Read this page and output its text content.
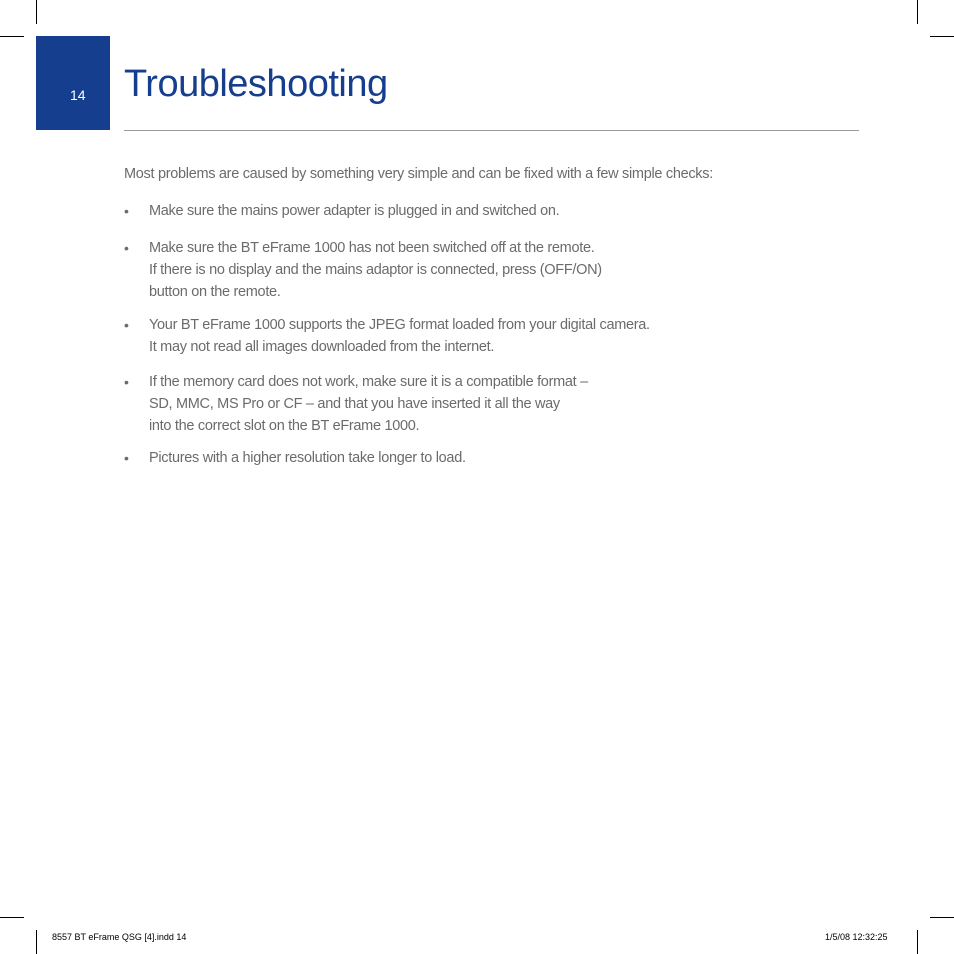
14 Troubleshooting

Most problems are caused by something very simple and can be fixed with a few simple checks:

• Make sure the mains power adapter is plugged in and switched on.
• Make sure the BT eFrame 1000 has not been switched off at the remote.
If there is no display and the mains adaptor is connected, press (OFF/ON)
button on the remote.
• Your BT eFrame 1000 supports the JPEG format loaded from your digital camera.
It may not read all images downloaded from the internet.
• If the memory card does not work, make sure it is a compatible format –
SD, MMC, MS Pro or CF – and that you have inserted it all the way
into the correct slot on the BT eFrame 1000.
• Pictures with a higher resolution take longer to load.
8557 BT eFrame QSG [4].indd 14	1/5/08 12:32:25
